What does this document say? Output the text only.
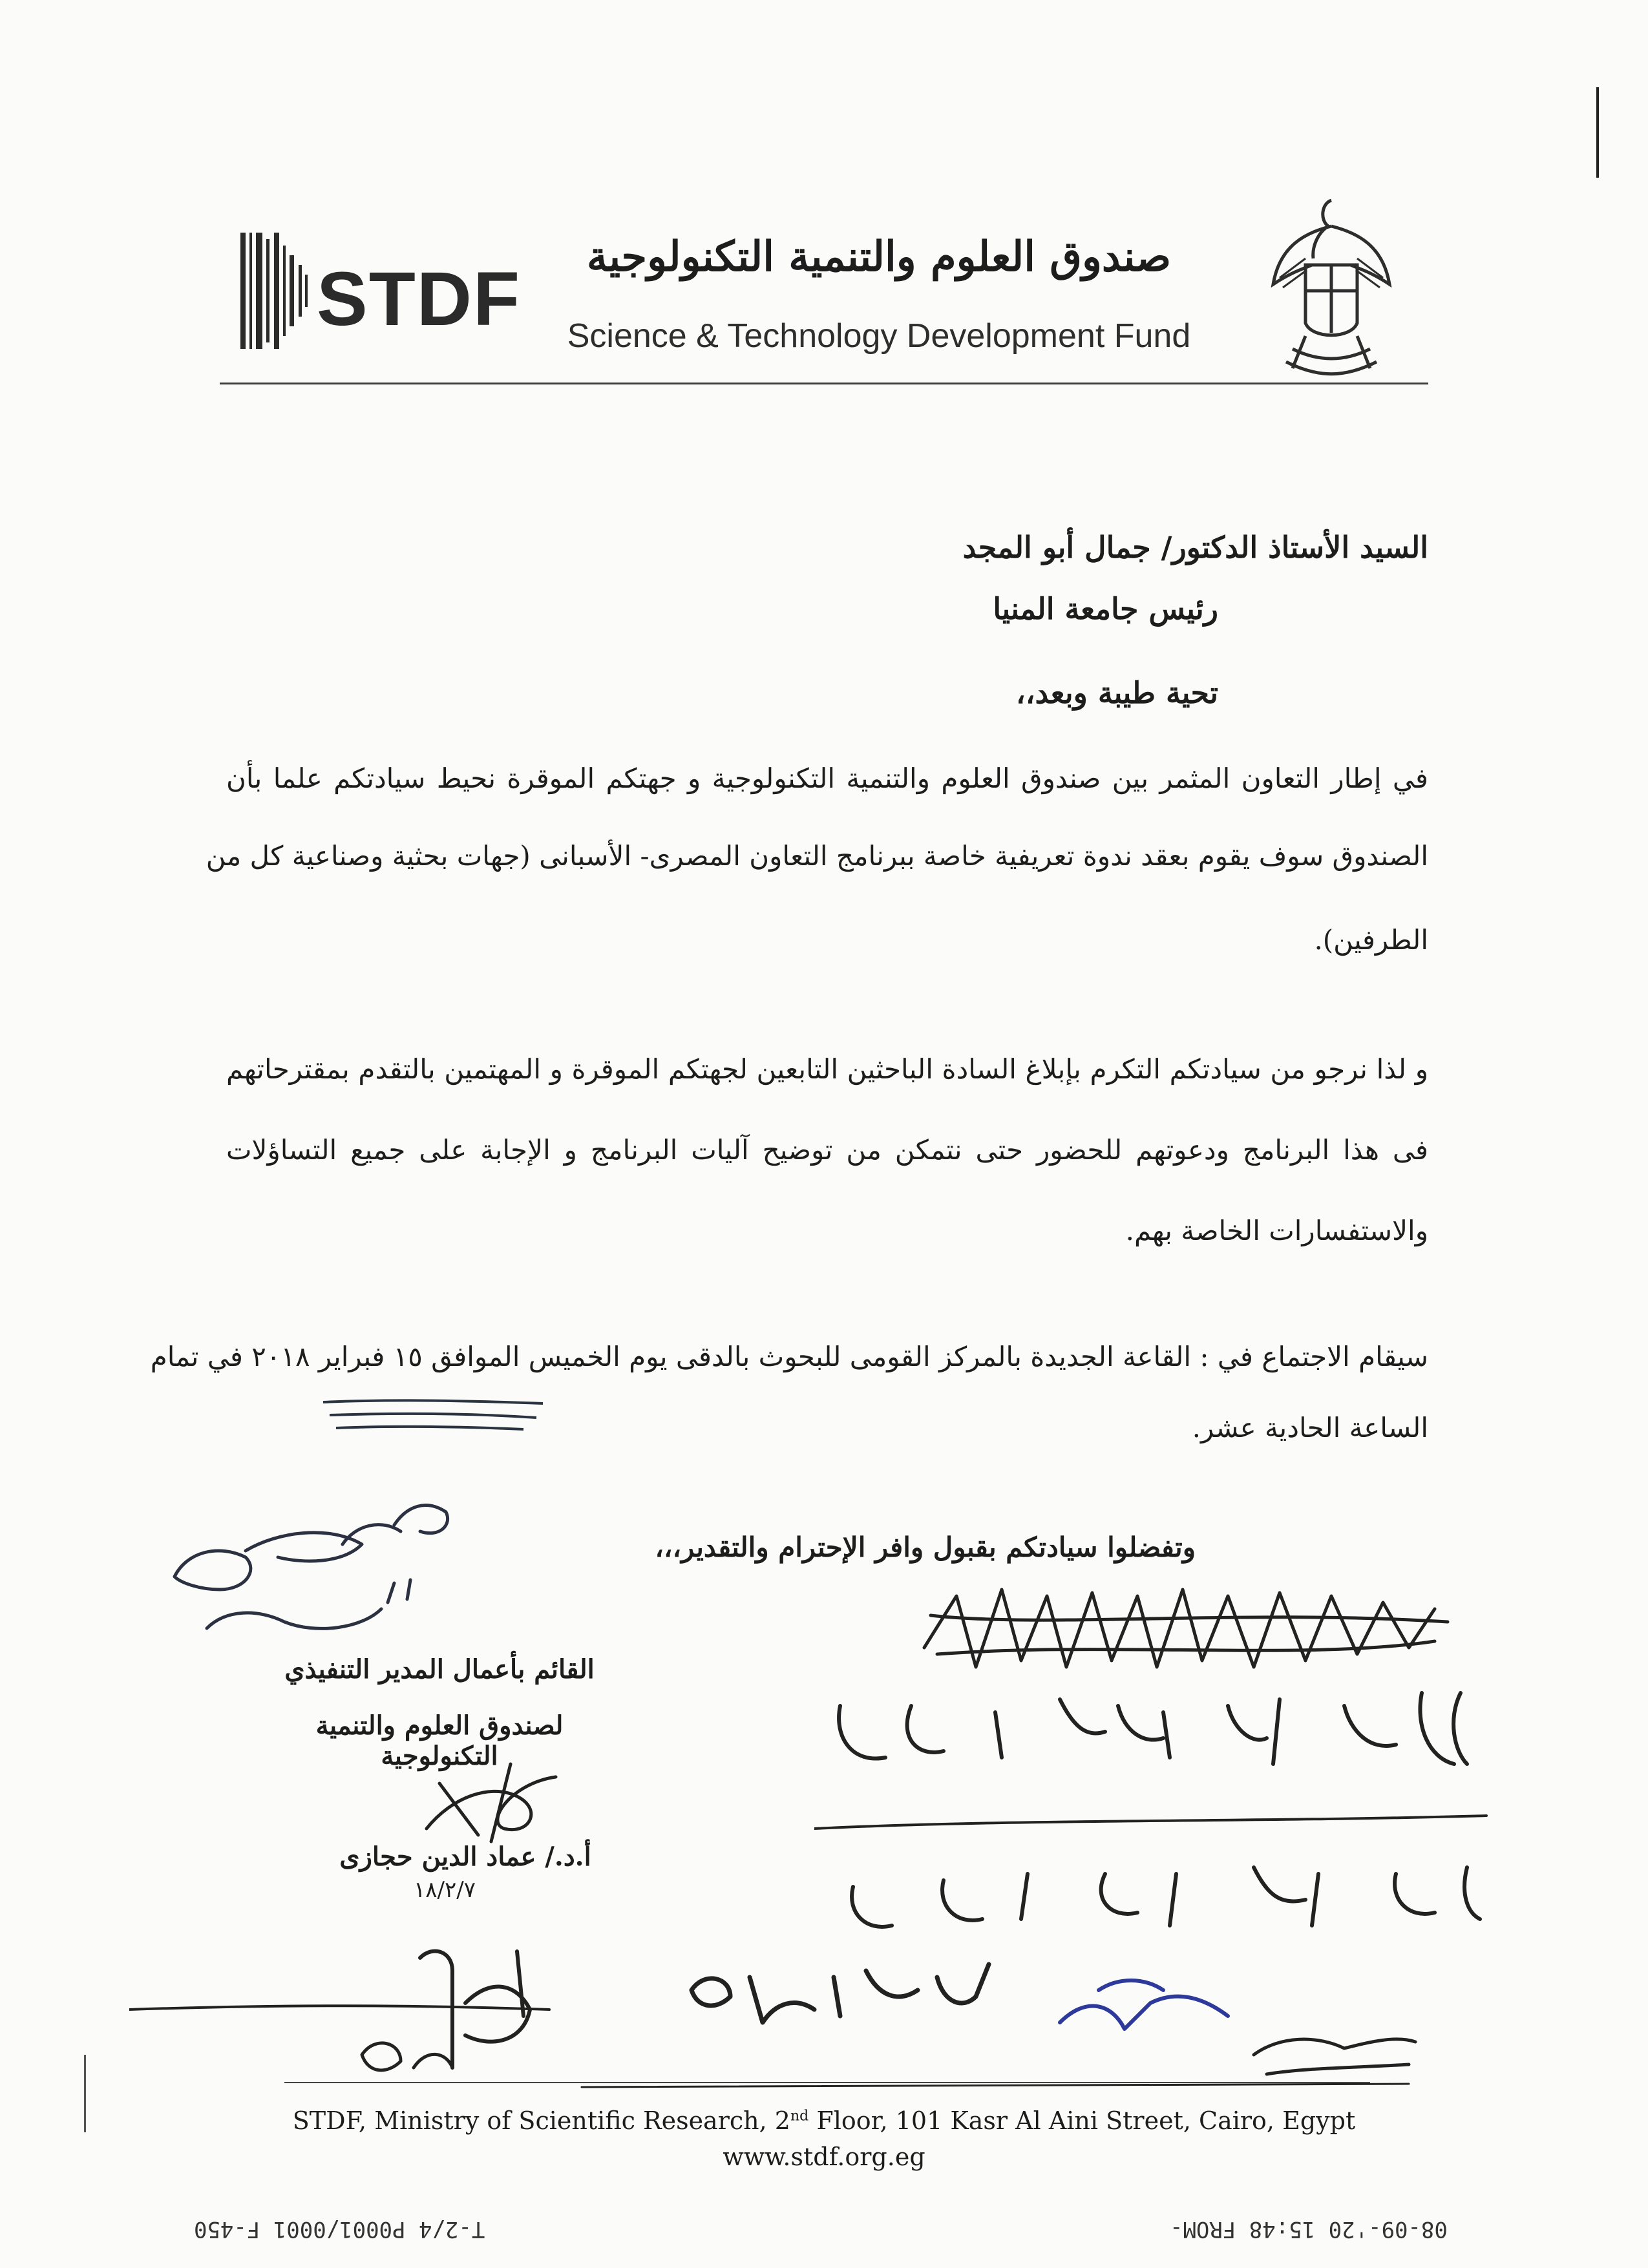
STDF	صندوق العلوم والتنمية التكنولوجية
Science & Technology Development Fund
السيد الأستاذ الدكتور/ جمال أبو المجد
رئيس جامعة المنيا
تحية طيبة وبعد،،
في إطار التعاون المثمر بين صندوق العلوم والتنمية التكنولوجية و جهتكم الموقرة نحيط سيادتكم علما بأن
الصندوق سوف يقوم بعقد ندوة تعريفية خاصة ببرنامج التعاون المصرى- الأسبانى (جهات بحثية وصناعية كل من
الطرفين).
و لذا نرجو من سيادتكم التكرم بإبلاغ السادة الباحثين التابعين لجهتكم الموقرة و المهتمين بالتقدم بمقترحاتهم
فى هذا البرنامج ودعوتهم للحضور حتى نتمكن من توضيح آليات البرنامج و الإجابة على جميع التساؤلات
والاستفسارات الخاصة بهم.
سيقام الاجتماع في : القاعة الجديدة بالمركز القومى للبحوث بالدقى يوم الخميس الموافق ١٥ فبراير ٢٠١٨ في تمام
الساعة الحادية عشر.
وتفضلوا سيادتكم بقبول وافر الإحترام والتقدير،،،
القائم بأعمال المدير التنفيذي
لصندوق العلوم والتنمية التكنولوجية
أ.د./ عماد الدين حجازى
١٨/٢/٧
STDF, Ministry of Scientific Research, 2nd Floor, 101 Kasr Al Aini Street, Cairo, Egypt
www.stdf.org.eg
T-2/4 P0001/0001 F-450	08-09-'20 15:48 FROM-
